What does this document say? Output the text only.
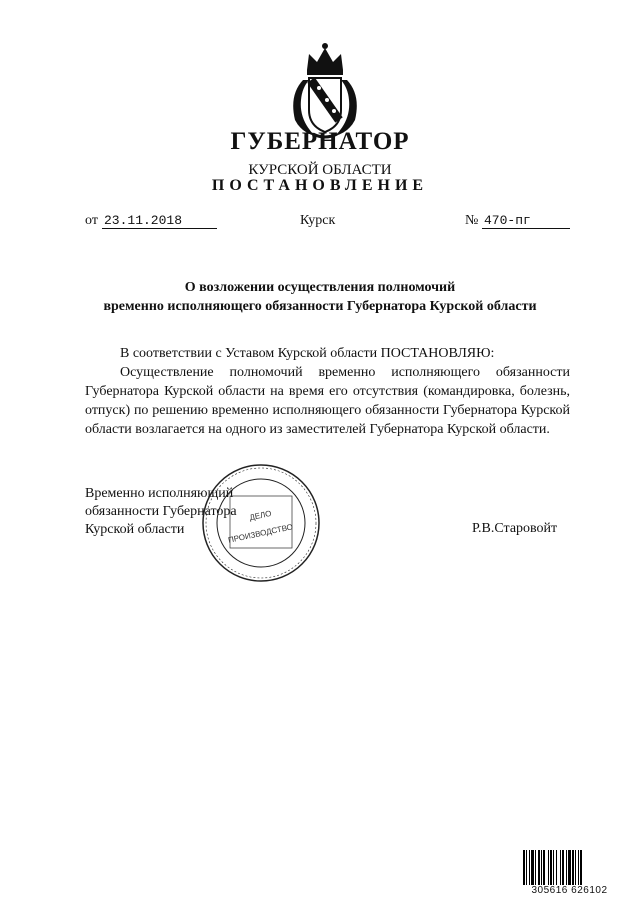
ГУБЕРНАТОР
КУРСКОЙ ОБЛАСТИ
ПОСТАНОВЛЕНИЕ
от 23.11.2018	Курск	№ 470-пг
О возложении осуществления полномочий
временно исполняющего обязанности Губернатора Курской области

В соответствии с Уставом Курской области ПОСТАНОВЛЯЮ:

Осуществление полномочий временно исполняющего обязанности Губернатора Курской области на время его отсутствия (командировка, болезнь, отпуск) по решению временно исполняющего обязанности Губернатора Курской области возлагается на одного из заместителей Губернатора Курской области.

Временно исполняющий
обязанности Губернатора
Курской области	Р.В.Старовойт
ДЕЛО
ПРОИЗВОДСТВО
305616 626102
